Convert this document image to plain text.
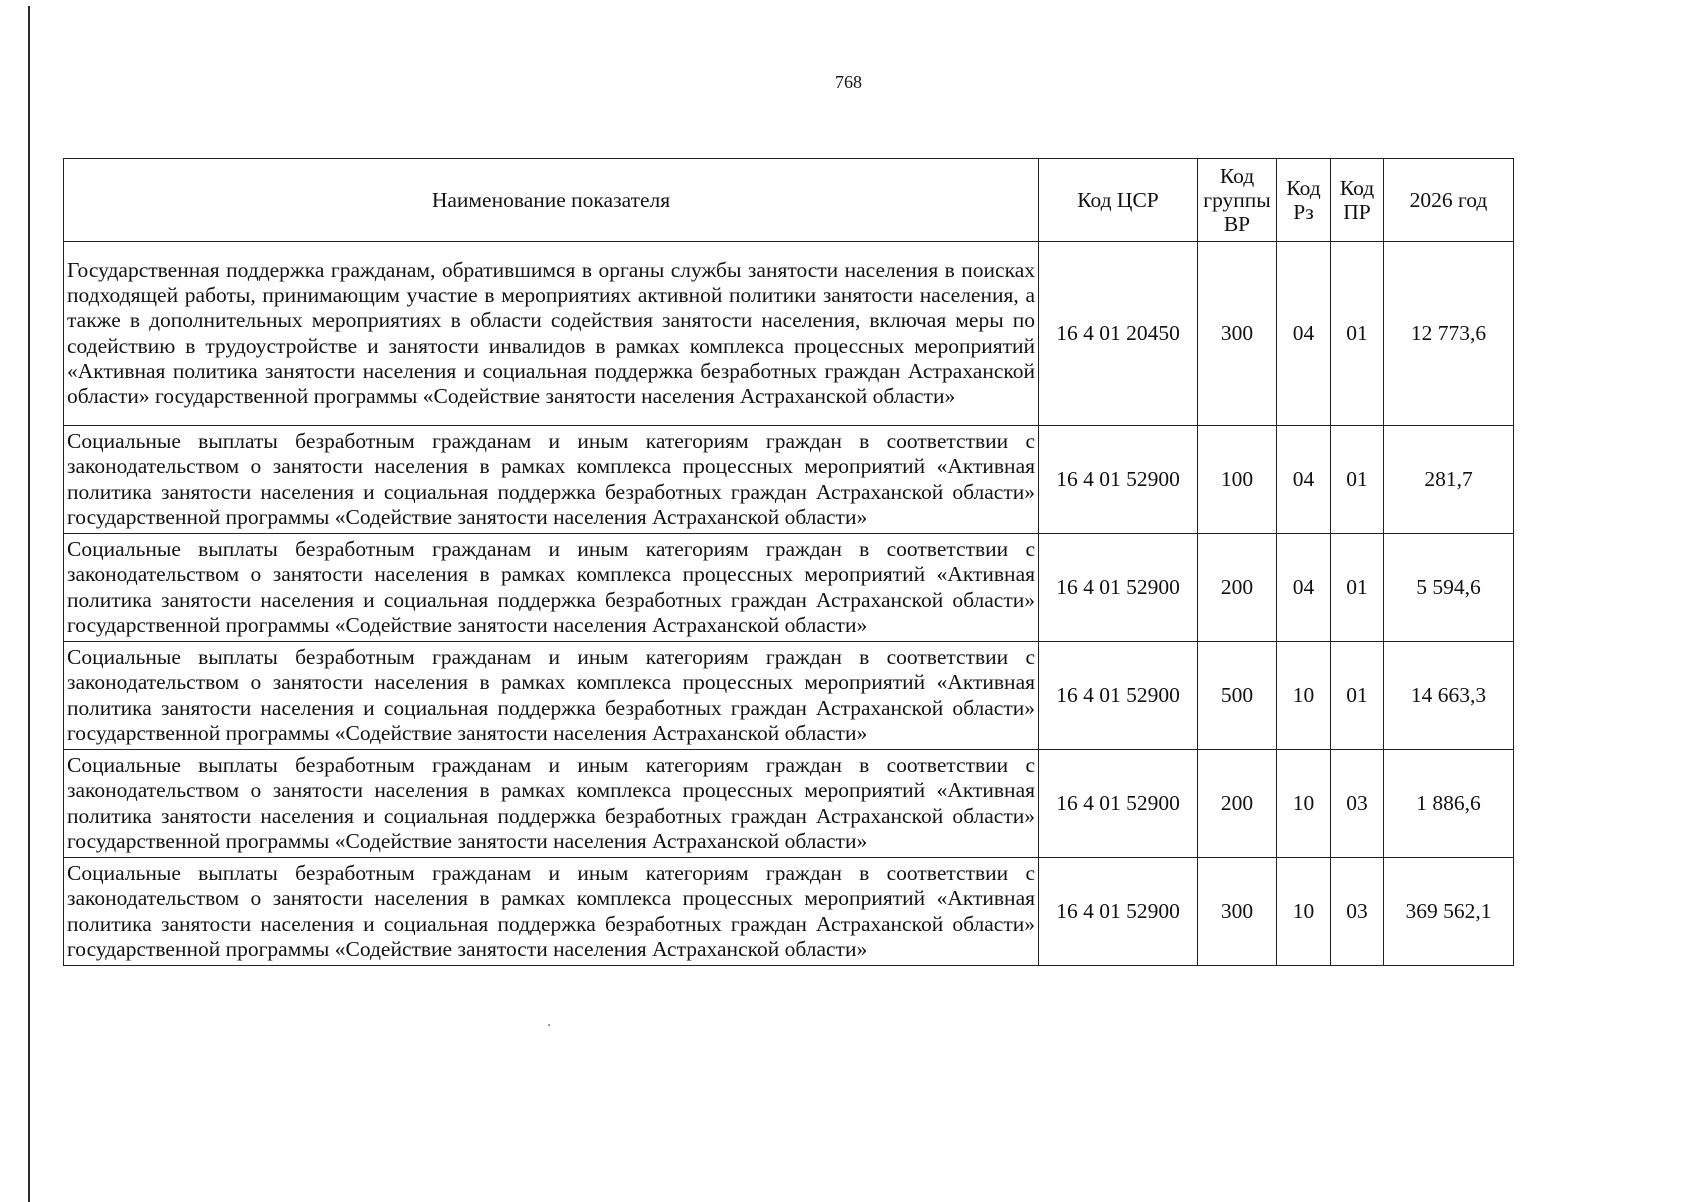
768
Наименование показателя	Код ЦСР	Код группы ВР	Код Рз	Код ПР	2026 год
Государственная поддержка гражданам, обратившимся в органы службы занятости населения в поисках подходящей работы, принимающим участие в мероприятиях активной политики занятости населения, а также в дополнительных мероприятиях в области содействия занятости населения, включая меры по содействию в трудоустройстве и занятости инвалидов в рамках комплекса процессных мероприятий «Активная политика занятости населения и социальная поддержка безработных граждан Астраханской области» государственной программы «Содействие занятости населения Астраханской области»	16 4 01 20450	300	04	01	12 773,6
Социальные выплаты безработным гражданам и иным категориям граждан в соответствии с законодательством о занятости населения в рамках комплекса процессных мероприятий «Активная политика занятости населения и социальная поддержка безработных граждан Астраханской области» государственной программы «Содействие занятости населения Астраханской области»	16 4 01 52900	100	04	01	281,7
Социальные выплаты безработным гражданам и иным категориям граждан в соответствии с законодательством о занятости населения в рамках комплекса процессных мероприятий «Активная политика занятости населения и социальная поддержка безработных граждан Астраханской области» государственной программы «Содействие занятости населения Астраханской области»	16 4 01 52900	200	04	01	5 594,6
Социальные выплаты безработным гражданам и иным категориям граждан в соответствии с законодательством о занятости населения в рамках комплекса процессных мероприятий «Активная политика занятости населения и социальная поддержка безработных граждан Астраханской области» государственной программы «Содействие занятости населения Астраханской области»	16 4 01 52900	500	10	01	14 663,3
Социальные выплаты безработным гражданам и иным категориям граждан в соответствии с законодательством о занятости населения в рамках комплекса процессных мероприятий «Активная политика занятости населения и социальная поддержка безработных граждан Астраханской области» государственной программы «Содействие занятости населения Астраханской области»	16 4 01 52900	200	10	03	1 886,6
Социальные выплаты безработным гражданам и иным категориям граждан в соответствии с законодательством о занятости населения в рамках комплекса процессных мероприятий «Активная политика занятости населения и социальная поддержка безработных граждан Астраханской области» государственной программы «Содействие занятости населения Астраханской области»	16 4 01 52900	300	10	03	369 562,1
